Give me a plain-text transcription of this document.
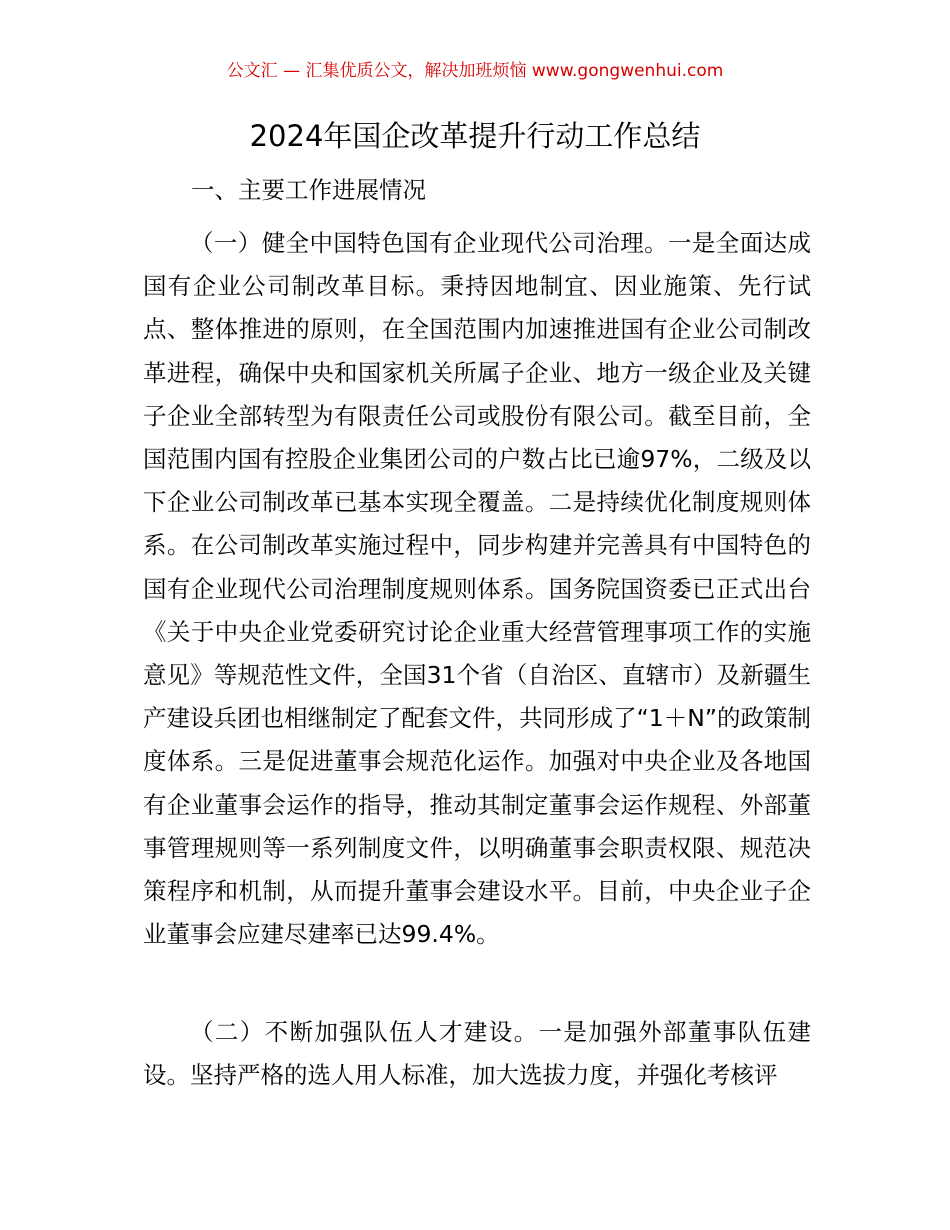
公文汇 — 汇集优质公文，解决加班烦恼 www.gongwenhui.com
2024年国企改革提升行动工作总结
一、主要工作进展情况

（一）健全中国特色国有企业现代公司治理。一是全面达成国有企业公司制改革目标。秉持因地制宜、因业施策、先行试点、整体推进的原则，在全国范围内加速推进国有企业公司制改革进程，确保中央和国家机关所属子企业、地方一级企业及关键子企业全部转型为有限责任公司或股份有限公司。截至目前，全国范围内国有控股企业集团公司的户数占比已逾97%，二级及以下企业公司制改革已基本实现全覆盖。二是持续优化制度规则体系。在公司制改革实施过程中，同步构建并完善具有中国特色的国有企业现代公司治理制度规则体系。国务院国资委已正式出台《关于中央企业党委研究讨论企业重大经营管理事项工作的实施意见》等规范性文件，全国31个省（自治区、直辖市）及新疆生产建设兵团也相继制定了配套文件，共同形成了“1＋N”的政策制度体系。三是促进董事会规范化运作。加强对中央企业及各地国有企业董事会运作的指导，推动其制定董事会运作规程、外部董事管理规则等一系列制度文件，以明确董事会职责权限、规范决策程序和机制，从而提升董事会建设水平。目前，中央企业子企业董事会应建尽建率已达99.4%。

（二）不断加强队伍人才建设。一是加强外部董事队伍建设。坚持严格的选人用人标准，加大选拔力度，并强化考核评
